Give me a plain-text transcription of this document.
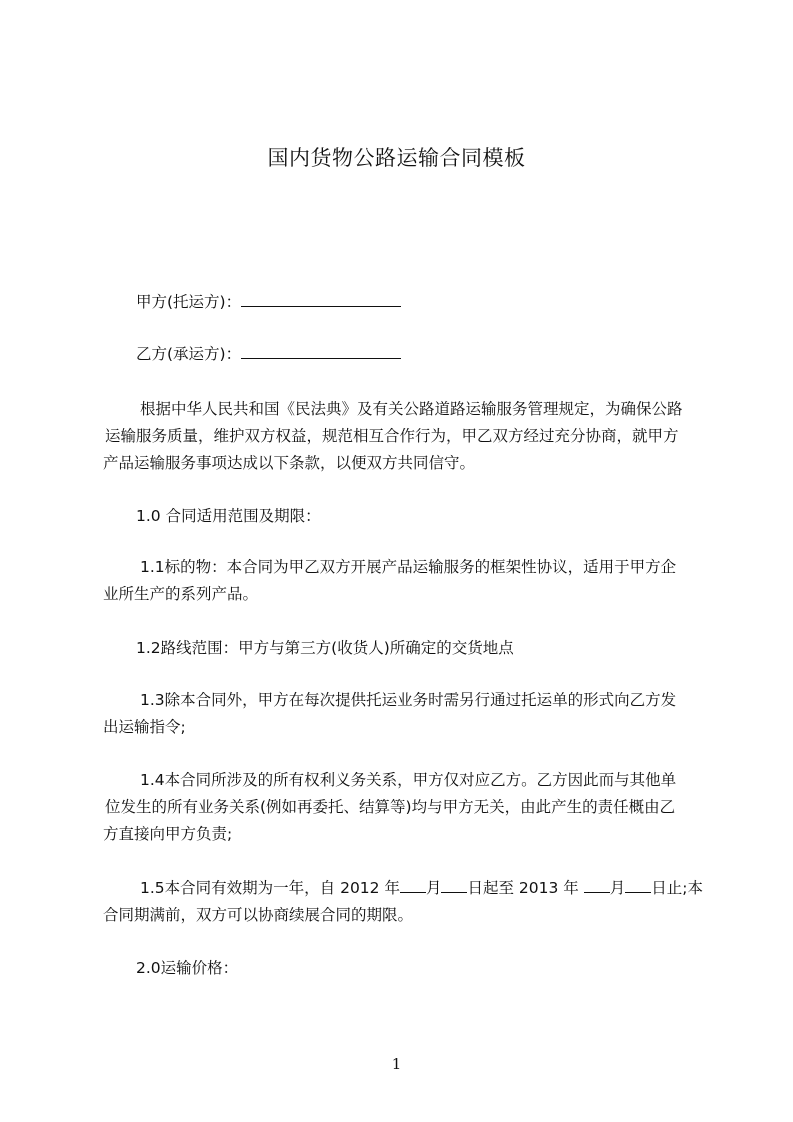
国内货物公路运输合同模板
甲方(托运方)：
乙方(承运方)：
根据中华人民共和国《民法典》及有关公路道路运输服务管理规定，为确保公路
运输服务质量，维护双方权益，规范相互合作行为，甲乙双方经过充分协商，就甲方
产品运输服务事项达成以下条款，以便双方共同信守。
1.0 合同适用范围及期限：
1.1标的物：本合同为甲乙双方开展产品运输服务的框架性协议，适用于甲方企
业所生产的系列产品。
1.2路线范围：甲方与第三方(收货人)所确定的交货地点
1.3除本合同外，甲方在每次提供托运业务时需另行通过托运单的形式向乙方发
出运输指令;
1.4本合同所涉及的所有权利义务关系，甲方仅对应乙方。乙方因此而与其他单
位发生的所有业务关系(例如再委托、结算等)均与甲方无关，由此产生的责任概由乙
方直接向甲方负责;
1.5本合同有效期为一年，自 2012 年 月 日起至 2013 年 月 日止;本
合同期满前，双方可以协商续展合同的期限。
2.0运输价格：
1
